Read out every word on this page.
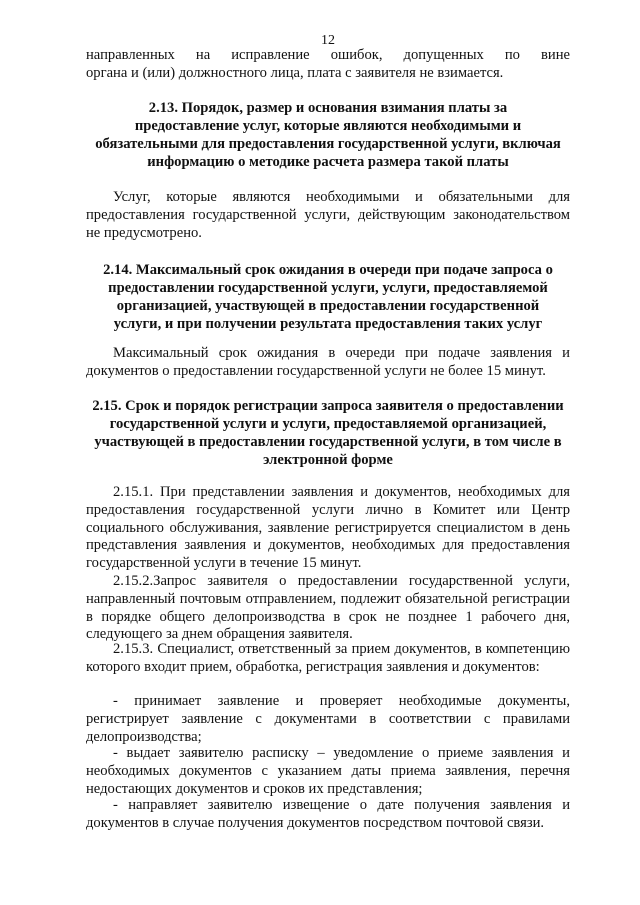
12
направленных на исправление ошибок, допущенных по вине
органа и (или) должностного лица, плата с заявителя не взимается.
2.13. Порядок, размер и основания взимания платы за
предоставление услуг, которые являются необходимыми и
обязательными для предоставления государственной услуги, включая
информацию о методике расчета размера такой платы
Услуг, которые являются необходимыми и обязательными для предоставления государственной услуги, действующим законодательством не предусмотрено.
2.14. Максимальный срок ожидания в очереди при подаче запроса о
предоставлении государственной услуги, услуги, предоставляемой
организацией, участвующей в предоставлении государственной
услуги, и при получении результата предоставления таких услуг
Максимальный срок ожидания в очереди при подаче заявления и документов о предоставлении государственной услуги не более 15 минут.
2.15. Срок и порядок регистрации запроса заявителя о предоставлении
государственной услуги и услуги, предоставляемой организацией,
участвующей в предоставлении государственной услуги, в том числе в
электронной форме
2.15.1. При представлении заявления и документов, необходимых для предоставления государственной услуги лично в Комитет или Центр социального обслуживания, заявление регистрируется специалистом в день представления заявления и документов, необходимых для предоставления государственной услуги в течение 15 минут.
2.15.2.Запрос заявителя о предоставлении государственной услуги, направленный почтовым отправлением, подлежит обязательной регистрации в порядке общего делопроизводства в срок не позднее 1 рабочего дня, следующего за днем обращения заявителя.
2.15.3. Специалист, ответственный за прием документов, в компетенцию которого входит прием, обработка, регистрация заявления и документов:
- принимает заявление и проверяет необходимые документы, регистрирует заявление с документами в соответствии с правилами делопроизводства;
- выдает заявителю расписку – уведомление о приеме заявления и необходимых документов с указанием даты приема заявления, перечня недостающих документов и сроков их представления;
- направляет заявителю извещение о дате получения заявления и документов в случае получения документов посредством почтовой связи.
